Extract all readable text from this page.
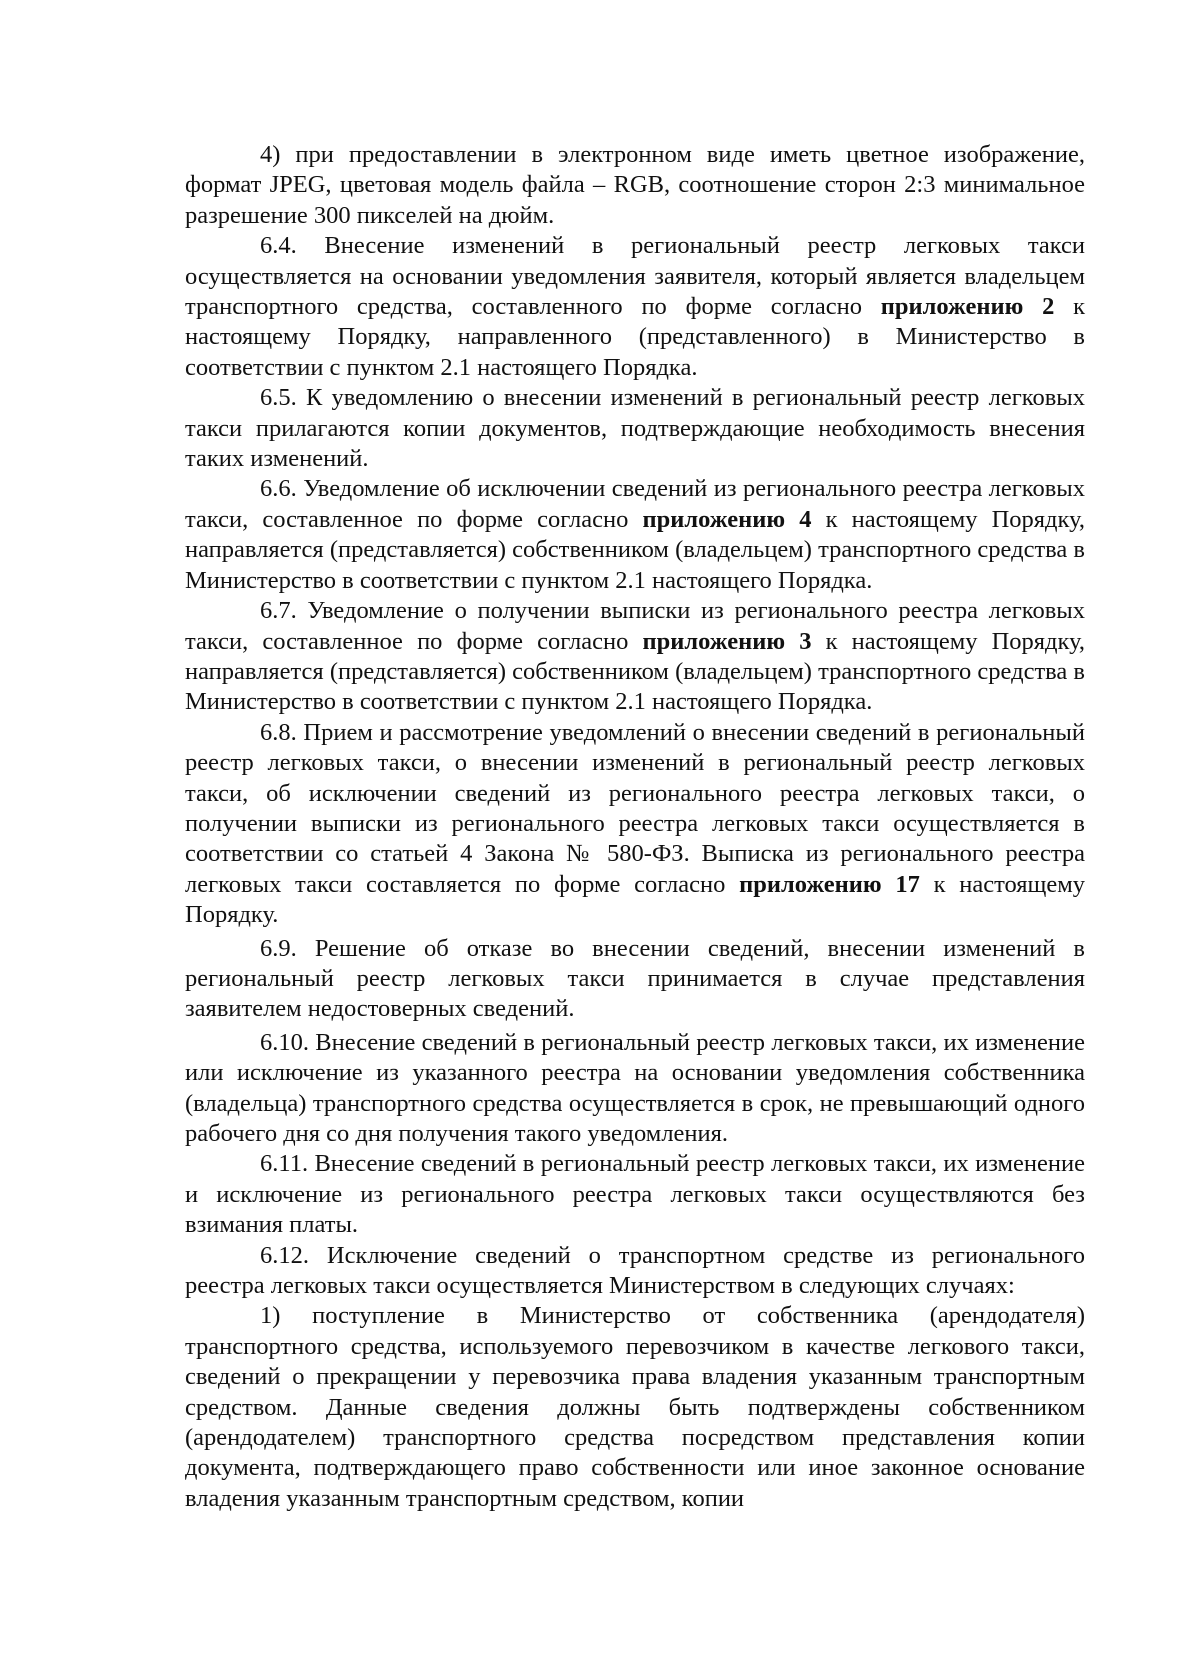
4) при предоставлении в электронном виде иметь цветное изображение, формат JPEG, цветовая модель файла – RGB, соотношение сторон 2:3 минимальное разрешение 300 пикселей на дюйм.

6.4. Внесение изменений в региональный реестр легковых такси осуществляется на основании уведомления заявителя, который является владельцем транспортного средства, составленного по форме согласно приложению 2 к настоящему Порядку, направленного (представленного) в Министерство в соответствии с пунктом 2.1 настоящего Порядка.

6.5. К уведомлению о внесении изменений в региональный реестр легковых такси прилагаются копии документов, подтверждающие необходимость внесения таких изменений.

6.6. Уведомление об исключении сведений из регионального реестра легковых такси, составленное по форме согласно приложению 4 к настоящему Порядку, направляется (представляется) собственником (владельцем) транспортного средства в Министерство в соответствии с пунктом 2.1 настоящего Порядка.

6.7. Уведомление о получении выписки из регионального реестра легковых такси, составленное по форме согласно приложению 3 к настоящему Порядку, направляется (представляется) собственником (владельцем) транспортного средства в Министерство в соответствии с пунктом 2.1 настоящего Порядка.

6.8. Прием и рассмотрение уведомлений о внесении сведений в региональный реестр легковых такси, о внесении изменений в региональный реестр легковых такси, об исключении сведений из регионального реестра легковых такси, о получении выписки из регионального реестра легковых такси осуществляется в соответствии со статьей 4 Закона № 580-ФЗ. Выписка из регионального реестра легковых такси составляется по форме согласно приложению 17 к настоящему Порядку.

6.9. Решение об отказе во внесении сведений, внесении изменений в региональный реестр легковых такси принимается в случае представления заявителем недостоверных сведений.

6.10. Внесение сведений в региональный реестр легковых такси, их изменение или исключение из указанного реестра на основании уведомления собственника (владельца) транспортного средства осуществляется в срок, не превышающий одного рабочего дня со дня получения такого уведомления.

6.11. Внесение сведений в региональный реестр легковых такси, их изменение и исключение из регионального реестра легковых такси осуществляются без взимания платы.

6.12. Исключение сведений о транспортном средстве из регионального реестра легковых такси осуществляется Министерством в следующих случаях:

1) поступление в Министерство от собственника (арендодателя) транспортного средства, используемого перевозчиком в качестве легкового такси, сведений о прекращении у перевозчика права владения указанным транспортным средством. Данные сведения должны быть подтверждены собственником (арендодателем) транспортного средства посредством представления копии документа, подтверждающего право собственности или иное законное основание владения указанным транспортным средством, копии
